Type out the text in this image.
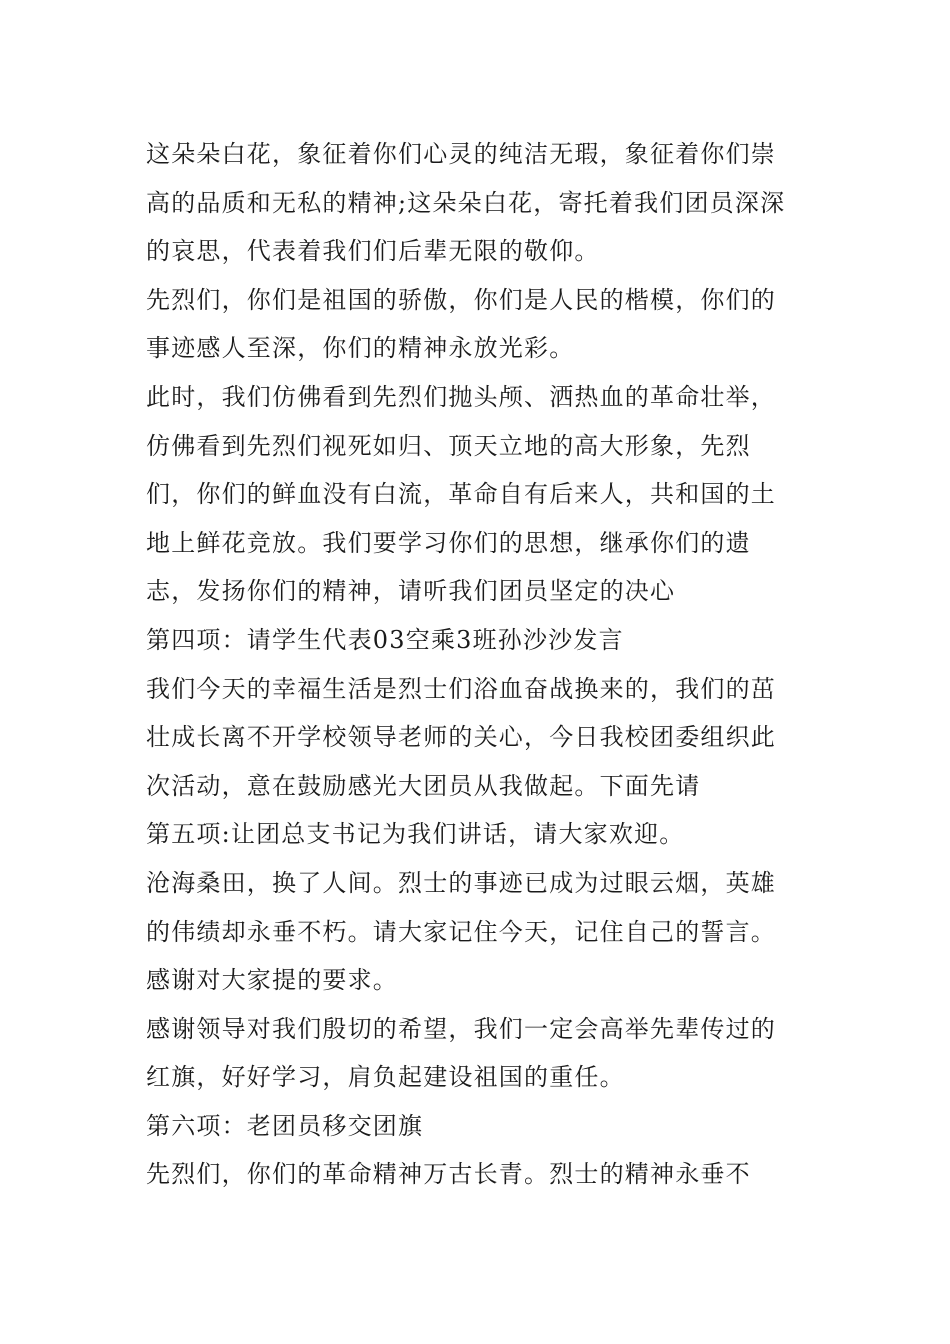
这朵朵白花，象征着你们心灵的纯洁无瑕，象征着你们崇
高的品质和无私的精神;这朵朵白花，寄托着我们团员深深
的哀思，代表着我们们后辈无限的敬仰。
先烈们，你们是祖国的骄傲，你们是人民的楷模，你们的
事迹感人至深，你们的精神永放光彩。
此时，我们仿佛看到先烈们抛头颅、洒热血的革命壮举，
仿佛看到先烈们视死如归、顶天立地的高大形象，先烈
们，你们的鲜血没有白流，革命自有后来人，共和国的土
地上鲜花竞放。我们要学习你们的思想，继承你们的遗
志，发扬你们的精神，请听我们团员坚定的决心
第四项：请学生代表03空乘3班孙沙沙发言
我们今天的幸福生活是烈士们浴血奋战换来的，我们的茁
壮成长离不开学校领导老师的关心，今日我校团委组织此
次活动，意在鼓励感光大团员从我做起。下面先请
第五项:让团总支书记为我们讲话，请大家欢迎。
沧海桑田，换了人间。烈士的事迹已成为过眼云烟，英雄
的伟绩却永垂不朽。请大家记住今天，记住自己的誓言。
感谢对大家提的要求。
感谢领导对我们殷切的希望，我们一定会高举先辈传过的
红旗，好好学习，肩负起建设祖国的重任。
第六项：老团员移交团旗
先烈们，你们的革命精神万古长青。烈士的精神永垂不
